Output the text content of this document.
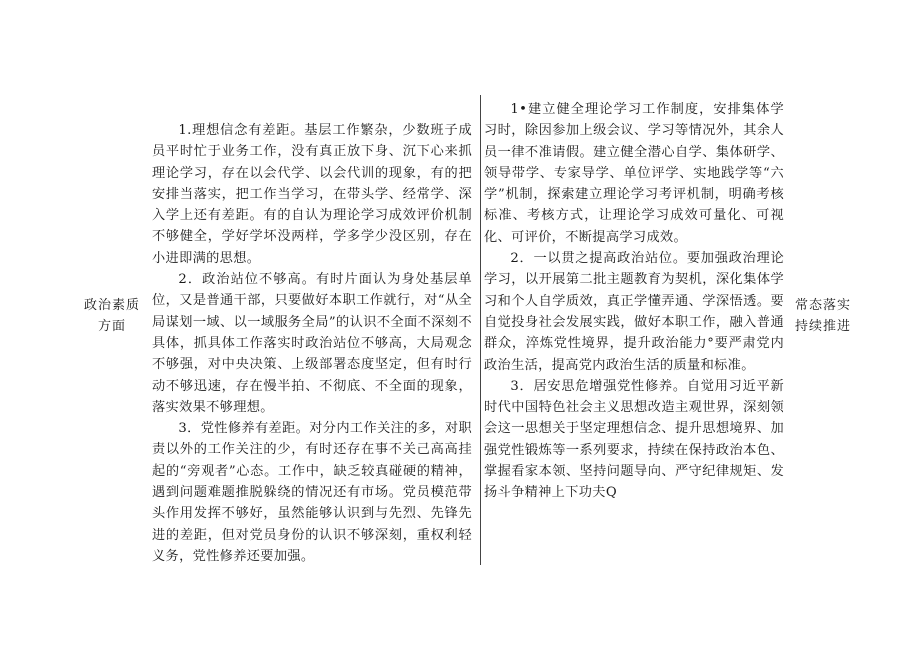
政治素质方面

1.理想信念有差距。基层工作繁杂，少数班子成员平时忙于业务工作，没有真正放下身、沉下心来抓理论学习，存在以会代学、以会代训的现象，有的把安排当落实，把工作当学习，在带头学、经常学、深入学上还有差距。有的自认为理论学习成效评价机制不够健全，学好学坏没两样，学多学少没区别，存在小进即满的思想。

2．政治站位不够高。有时片面认为身处基层单位，又是普通干部，只要做好本职工作就行，对“从全局谋划一域、以一域服务全局”的认识不全面不深刻不具体，抓具体工作落实时政治站位不够高，大局观念不够强，对中央决策、上级部署态度坚定，但有时行动不够迅速，存在慢半拍、不彻底、不全面的现象，落实效果不够理想。

3．党性修养有差距。对分内工作关注的多，对职责以外的工作关注的少，有时还存在事不关己高高挂起的“旁观者”心态。工作中，缺乏较真碰硬的精神，遇到问题难题推脱躲绕的情况还有市场。党员模范带头作用发挥不够好，虽然能够认识到与先烈、先锋先进的差距，但对党员身份的认识不够深刻，重权利轻义务，党性修养还要加强。

1•建立健全理论学习工作制度，安排集体学习时，除因参加上级会议、学习等情况外，其余人员一律不准请假。建立健全潜心自学、集体研学、领导带学、专家导学、单位评学、实地践学等“六学”机制，探索建立理论学习考评机制，明确考核标准、考核方式，让理论学习成效可量化、可视化、可评价，不断提高学习成效。

2．一以贯之提高政治站位。要加强政治理论学习，以开展第二批主题教育为契机，深化集体学习和个人自学质效，真正学懂弄通、学深悟透。要自觉投身社会发展实践，做好本职工作，融入普通群众，淬炼党性境界，提升政治能力°要严肃党内政治生活，提高党内政治生活的质量和标准。

3．居安思危增强党性修养。自觉用习近平新时代中国特色社会主义思想改造主观世界，深刻领会这一思想关于坚定理想信念、提升思想境界、加强党性锻炼等一系列要求，持续在保持政治本色、掌握看家本领、坚持问题导向、严守纪律规矩、发扬斗争精神上下功夫Q

常态落实持续推进
